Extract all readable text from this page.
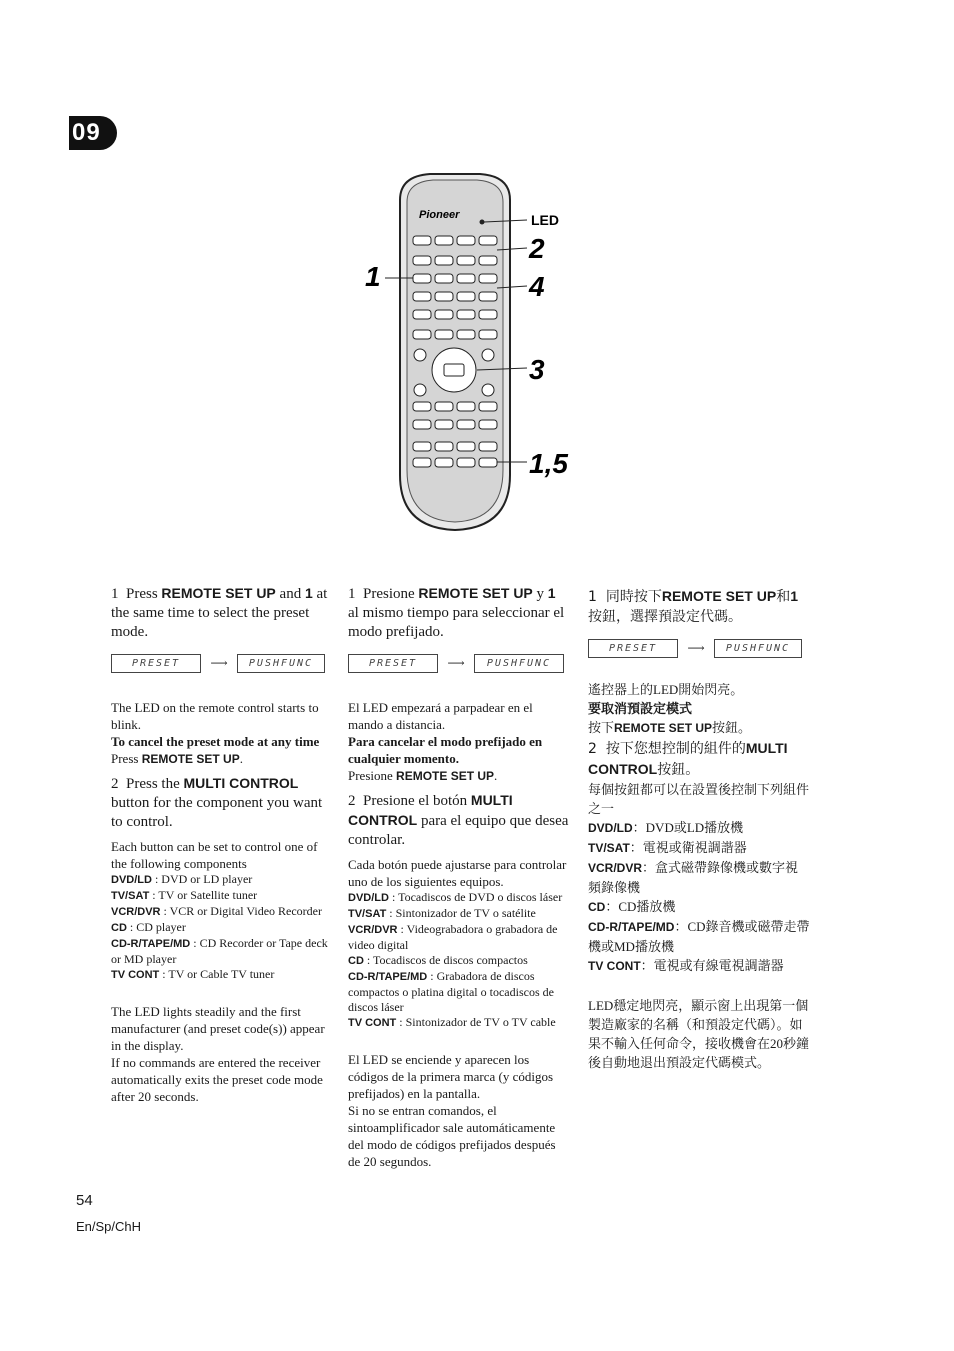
09
Pioneer	LED
2
4
3
1,5
1

1 Press REMOTE SET UP and 1 at the same time to select the preset mode.

PRESET	⟶	PUSHFUNC

The LED on the remote control starts to blink.

To cancel the preset mode at any time

Press REMOTE SET UP.

2 Press the MULTI CONTROL button for the component you want to control.

Each button can be set to control one of the following components

DVD/LD : DVD or LD player
TV/SAT : TV or Satellite tuner
VCR/DVR : VCR or Digital Video Recorder
CD : CD player
CD-R/TAPE/MD : CD Recorder or Tape deck or MD player
TV CONT : TV or Cable TV tuner

The LED lights steadily and the first manufacturer (and preset code(s)) appear in the display.

If no commands are entered the receiver automatically exits the preset code mode after 20 seconds.

1 Presione REMOTE SET UP y 1 al mismo tiempo para seleccionar el modo prefijado.

PRESET	⟶	PUSHFUNC

El LED empezará a parpadear en el mando a distancia.

Para cancelar el modo prefijado en cualquier momento.

Presione REMOTE SET UP.

2 Presione el botón MULTI CONTROL para el equipo que desea controlar.

Cada botón puede ajustarse para controlar uno de los siguientes equipos.

DVD/LD : Tocadiscos de DVD o discos láser
TV/SAT : Sintonizador de TV o satélite
VCR/DVR : Videograbadora o grabadora de video digital
CD : Tocadiscos de discos compactos
CD-R/TAPE/MD : Grabadora de discos compactos o platina digital o tocadiscos de discos láser
TV CONT : Sintonizador de TV o TV cable

El LED se enciende y aparecen los códigos de la primera marca (y códigos prefijados) en la pantalla.

Si no se entran comandos, el sintoamplificador sale automáticamente del modo de códigos prefijados después de 20 segundos.

1 同時按下REMOTE SET UP和1按鈕，選擇預設定代碼。

PRESET	⟶	PUSHFUNC

遙控器上的LED開始閃亮。

要取消預設定模式

按下REMOTE SET UP按鈕。

2 按下您想控制的組件的MULTI CONTROL按鈕。

每個按鈕都可以在設置後控制下列組件之一

DVD/LD：DVD或LD播放機
TV/SAT：電視或衛視調諧器
VCR/DVR：盒式磁帶錄像機或數字視頻錄像機
CD：CD播放機
CD-R/TAPE/MD：CD錄音機或磁帶走帶機或MD播放機
TV CONT：電視或有線電視調諧器

LED穩定地閃亮，顯示窗上出現第一個製造廠家的名稱（和預設定代碼）。如果不輸入任何命令，接收機會在20秒鐘後自動地退出預設定代碼模式。

54
En/Sp/ChH
